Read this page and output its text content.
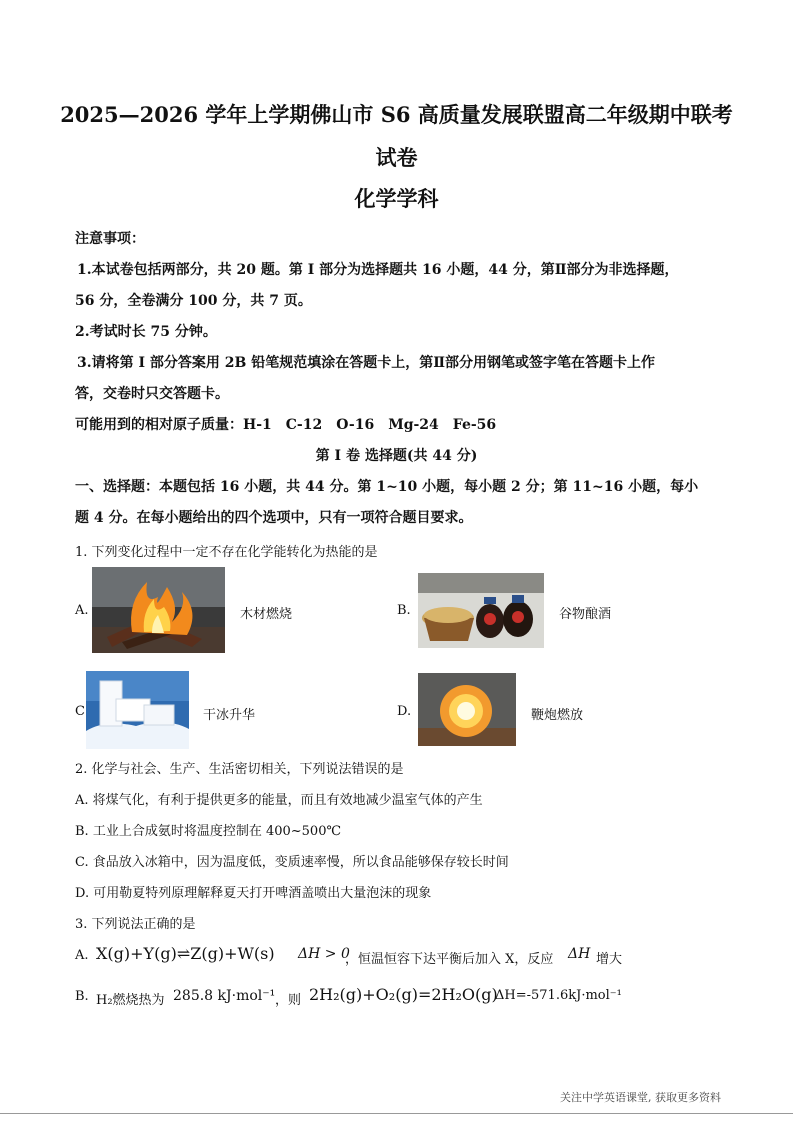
2025—2026 学年上学期佛山市 S6 高质量发展联盟高二年级期中联考
试卷
化学学科
注意事项：
1.本试卷包括两部分，共 20 题。第 I 部分为选择题共 16 小题，44 分，第Ⅱ部分为非选择题，
56 分，全卷满分 100 分，共 7 页。
2.考试时长 75 分钟。
3.请将第 I 部分答案用 2B 铅笔规范填涂在答题卡上，第Ⅱ部分用钢笔或签字笔在答题卡上作
答，交卷时只交答题卡。
可能用到的相对原子质量：H-1　C-12　O-16　Mg-24　Fe-56
第 I 卷 选择题(共 44 分)
一、选择题：本题包括 16 小题，共 44 分。第 1~10 小题，每小题 2 分；第 11~16 小题，每小
题 4 分。在每小题给出的四个选项中，只有一项符合题目要求。
1. 下列变化过程中一定不存在化学能转化为热能的是
A.	木材燃烧	B.	谷物酿酒
C	干冰升华	D.	鞭炮燃放
2. 化学与社会、生产、生活密切相关，下列说法错误的是
A. 将煤气化，有利于提供更多的能量，而且有效地减少温室气体的产生
B. 工业上合成氨时将温度控制在 400~500℃
C. 食品放入冰箱中，因为温度低，变质速率慢，所以食品能够保存较长时间
D. 可用勒夏特列原理解释夏天打开啤酒盖喷出大量泡沫的现象
3. 下列说法正确的是
A. X(g)+Y(g)⇌Z(g)+W(s) ΔH > 0
，恒温恒容下达平衡后加入 X，反应 ΔH 增大
B. H₂燃烧热为 285.8 kJ·mol⁻¹ ，则 2H₂(g)+O₂(g)=2H₂O(g)
ΔH=-571.6kJ·mol⁻¹
关注中学英语课堂, 获取更多资料
